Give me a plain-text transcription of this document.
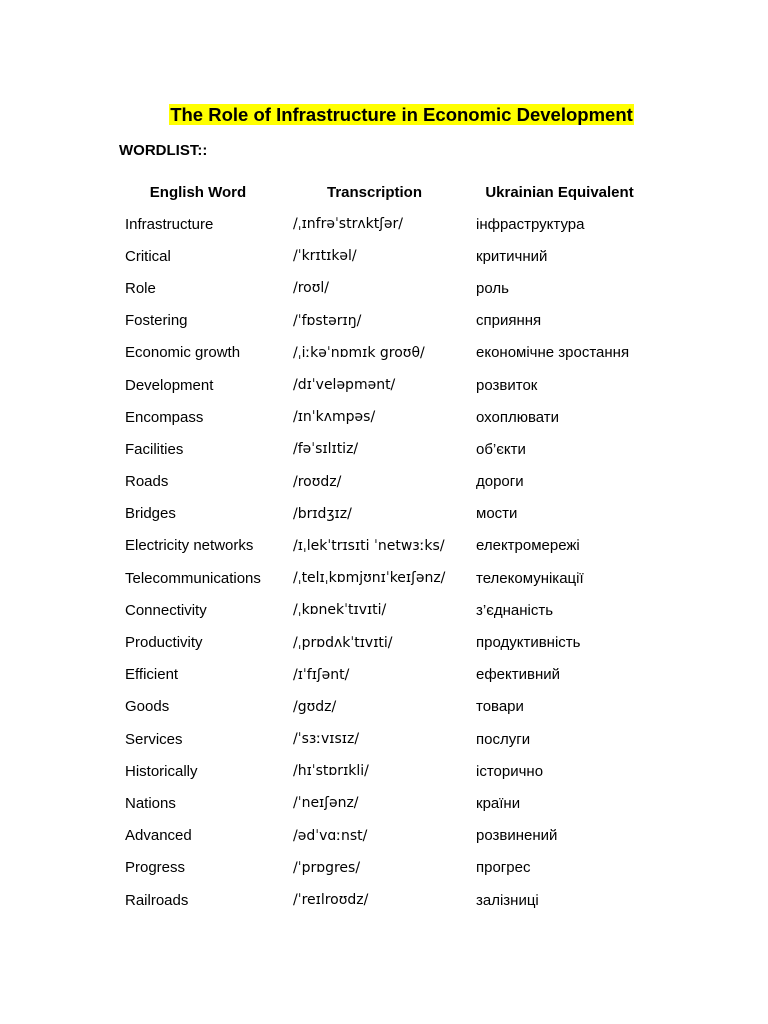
The Role of Infrastructure in Economic Development

WORDLIST::

English Word	Transcription	Ukrainian Equivalent
Infrastructure	/ˌɪnfrəˈstrʌktʃər/	інфраструктура
Critical	/ˈkrɪtɪkəl/	критичний
Role	/roʊl/	роль
Fostering	/ˈfɒstərɪŋ/	сприяння
Economic growth	/ˌiːkəˈnɒmɪk groʊθ/	економічне зростання
Development	/dɪˈveləpmənt/	розвиток
Encompass	/ɪnˈkʌmpəs/	охоплювати
Facilities	/fəˈsɪlɪtiz/	об’єкти
Roads	/roʊdz/	дороги
Bridges	/brɪdʒɪz/	мости
Electricity networks	/ɪˌlekˈtrɪsɪti ˈnetwɜːks/	електромережі
Telecommunications	/ˌtelɪˌkɒmjʊnɪˈkeɪʃənz/	телекомунікації
Connectivity	/ˌkɒnekˈtɪvɪti/	з’єднаність
Productivity	/ˌprɒdʌkˈtɪvɪti/	продуктивність
Efficient	/ɪˈfɪʃənt/	ефективний
Goods	/gʊdz/	товари
Services	/ˈsɜːvɪsɪz/	послуги
Historically	/hɪˈstɒrɪkli/	історично
Nations	/ˈneɪʃənz/	країни
Advanced	/ədˈvɑːnst/	розвинений
Progress	/ˈprɒgres/	прогрес
Railroads	/ˈreɪlroʊdz/	залізниці
